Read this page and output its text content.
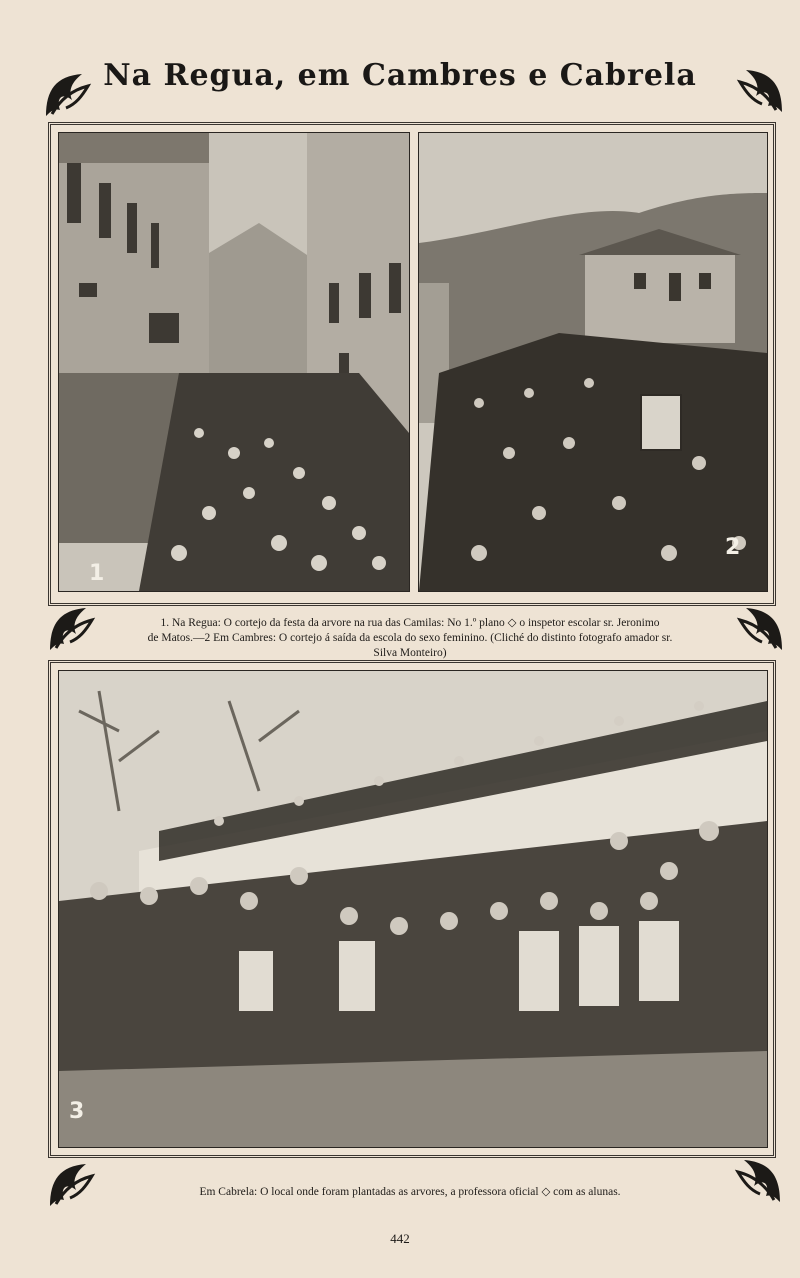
Na Regua, em Cambres e Cabrela
1
2
1. Na Regua: O cortejo da festa da arvore na rua das Camilas: No 1.º plano ◇ o inspetor escolar sr. Jeronimo
de Matos.—2 Em Cambres: O cortejo á saída da escola do sexo feminino. (Cliché do distinto fotografo amador sr.
Silva Monteiro)
3
Em Cabrela: O local onde foram plantadas as arvores, a professora oficial ◇ com as alunas.
442
